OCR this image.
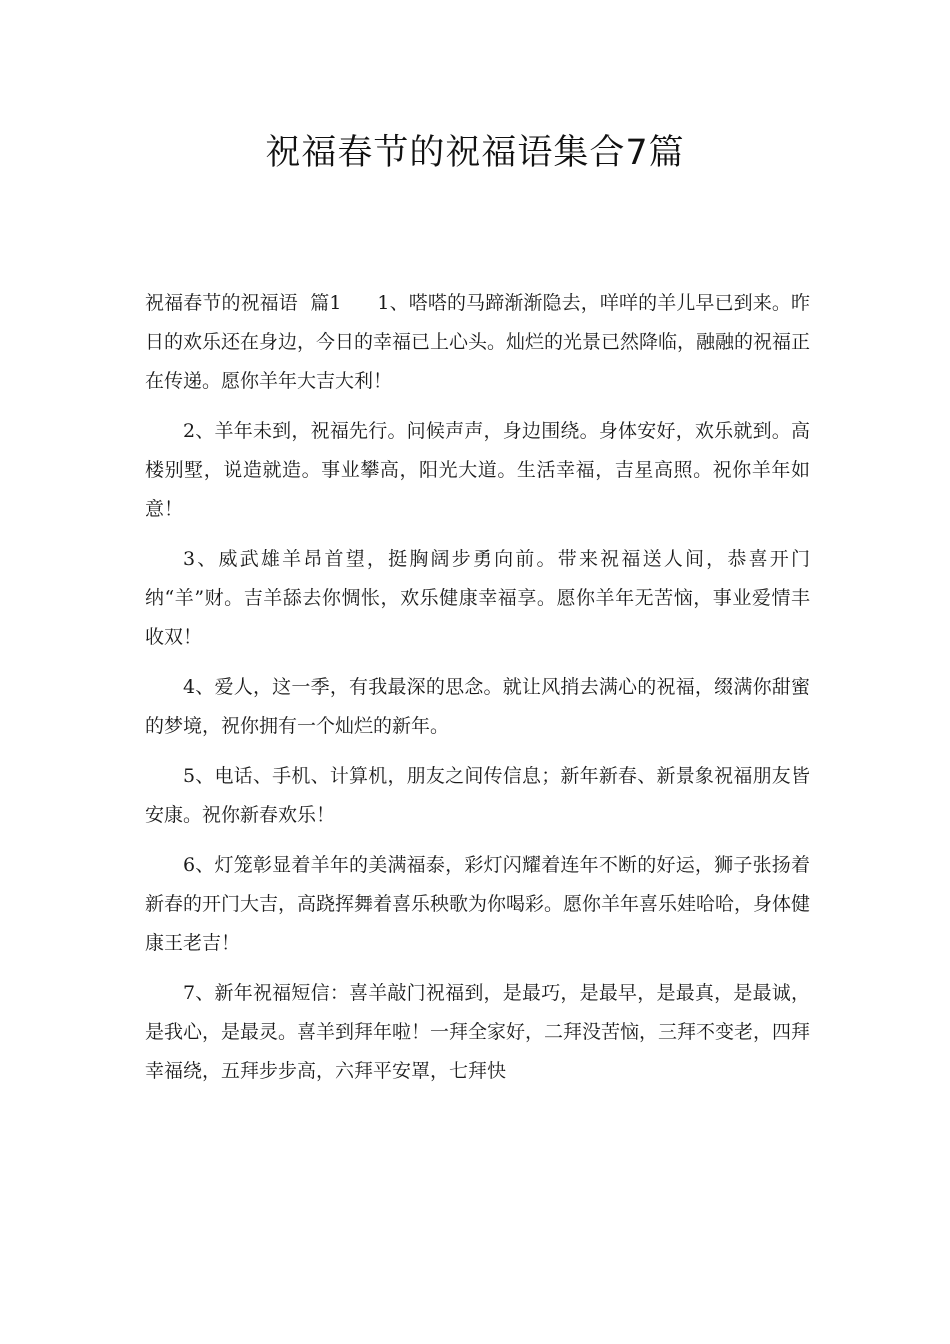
祝福春节的祝福语集合7篇

祝福春节的祝福语  篇1 1、嗒嗒的马蹄渐渐隐去，咩咩的羊儿早已到来。昨日的欢乐还在身边，今日的幸福已上心头。灿烂的光景已然降临，融融的祝福正在传递。愿你羊年大吉大利！

2、羊年未到，祝福先行。问候声声，身边围绕。身体安好，欢乐就到。高楼别墅，说造就造。事业攀高，阳光大道。生活幸福，吉星高照。祝你羊年如意！

3、威武雄羊昂首望，挺胸阔步勇向前。带来祝福送人间，恭喜开门纳“羊”财。吉羊舔去你惆怅，欢乐健康幸福享。愿你羊年无苦恼，事业爱情丰收双！

4、爱人，这一季，有我最深的思念。就让风捎去满心的祝福，缀满你甜蜜的梦境，祝你拥有一个灿烂的新年。

5、电话、手机、计算机，朋友之间传信息；新年新春、新景象祝福朋友皆安康。祝你新春欢乐！

6、灯笼彰显着羊年的美满福泰，彩灯闪耀着连年不断的好运，狮子张扬着新春的开门大吉，高跷挥舞着喜乐秧歌为你喝彩。愿你羊年喜乐娃哈哈，身体健康王老吉！

7、新年祝福短信：喜羊敲门祝福到，是最巧，是最早，是最真，是最诚，是我心，是最灵。喜羊到拜年啦！一拜全家好，二拜没苦恼，三拜不变老，四拜幸福绕，五拜步步高，六拜平安罩，七拜快
